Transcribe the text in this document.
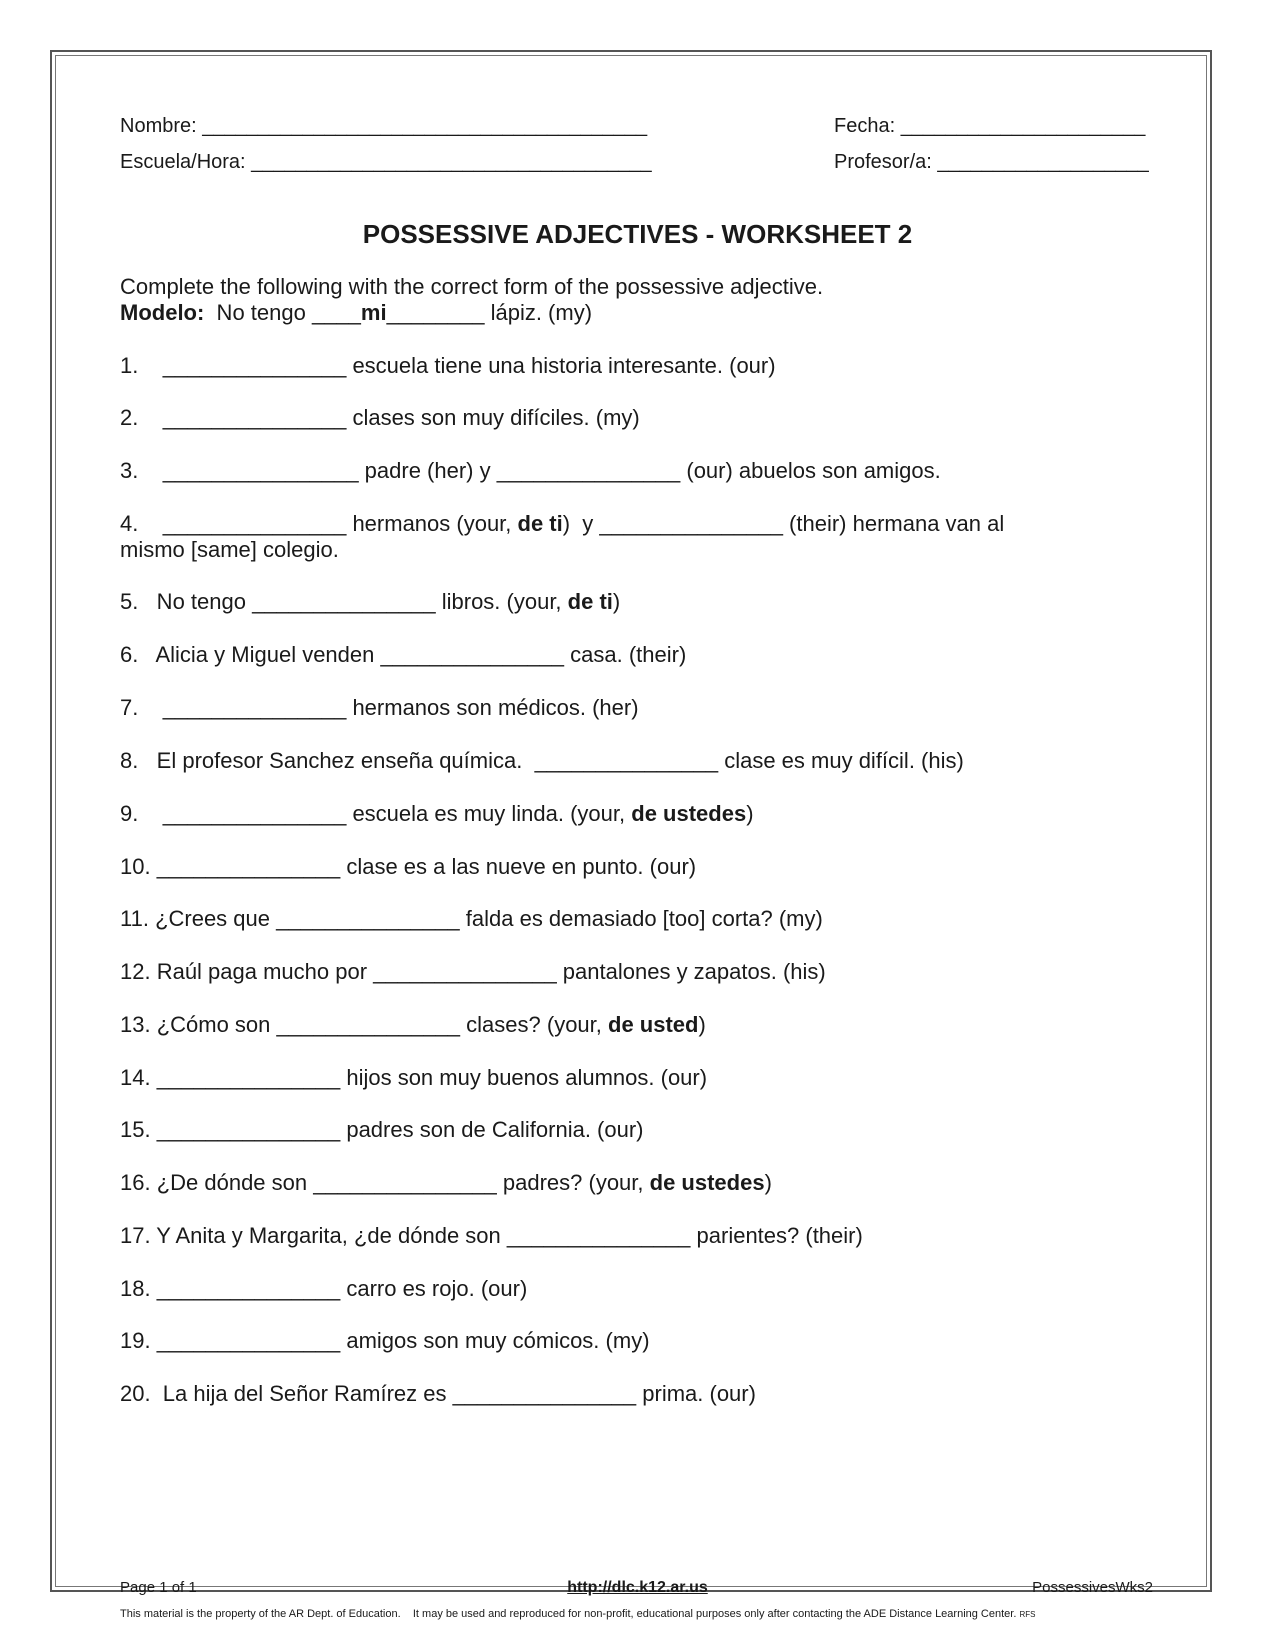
Nombre: ________________________________________	Fecha: ______________________
Escuela/Hora: ____________________________________	Profesor/a: ___________________
POSSESSIVE ADJECTIVES - WORKSHEET 2
Complete the following with the correct form of the possessive adjective.
Modelo:  No tengo ____mi________ lápiz. (my)
1.    _______________ escuela tiene una historia interesante. (our)
2.    _______________ clases son muy difíciles. (my)
3.    ________________ padre (her) y _______________ (our) abuelos son amigos.
4.    _______________ hermanos (your, de ti)  y _______________ (their) hermana van al
mismo [same] colegio.
5.   No tengo _______________ libros. (your, de ti)
6.   Alicia y Miguel venden _______________ casa. (their)
7.    _______________ hermanos son médicos. (her)
8.   El profesor Sanchez enseña química.  _______________ clase es muy difícil. (his)
9.    _______________ escuela es muy linda. (your, de ustedes)
10. _______________ clase es a las nueve en punto. (our)
11. ¿Crees que _______________ falda es demasiado [too] corta? (my)
12. Raúl paga mucho por _______________ pantalones y zapatos. (his)
13. ¿Cómo son _______________ clases? (your, de usted)
14. _______________ hijos son muy buenos alumnos. (our)
15. _______________ padres son de California. (our)
16. ¿De dónde son _______________ padres? (your, de ustedes)
17. Y Anita y Margarita, ¿de dónde son _______________ parientes? (their)
18. _______________ carro es rojo. (our)
19. _______________ amigos son muy cómicos. (my)
20.  La hija del Señor Ramírez es _______________ prima. (our)
Page 1 of 1	http://dlc.k12.ar.us	PossessivesWks2
This material is the property of the AR Dept. of Education.    It may be used and reproduced for non-profit, educational purposes only after contacting the ADE Distance Learning Center. RFS
